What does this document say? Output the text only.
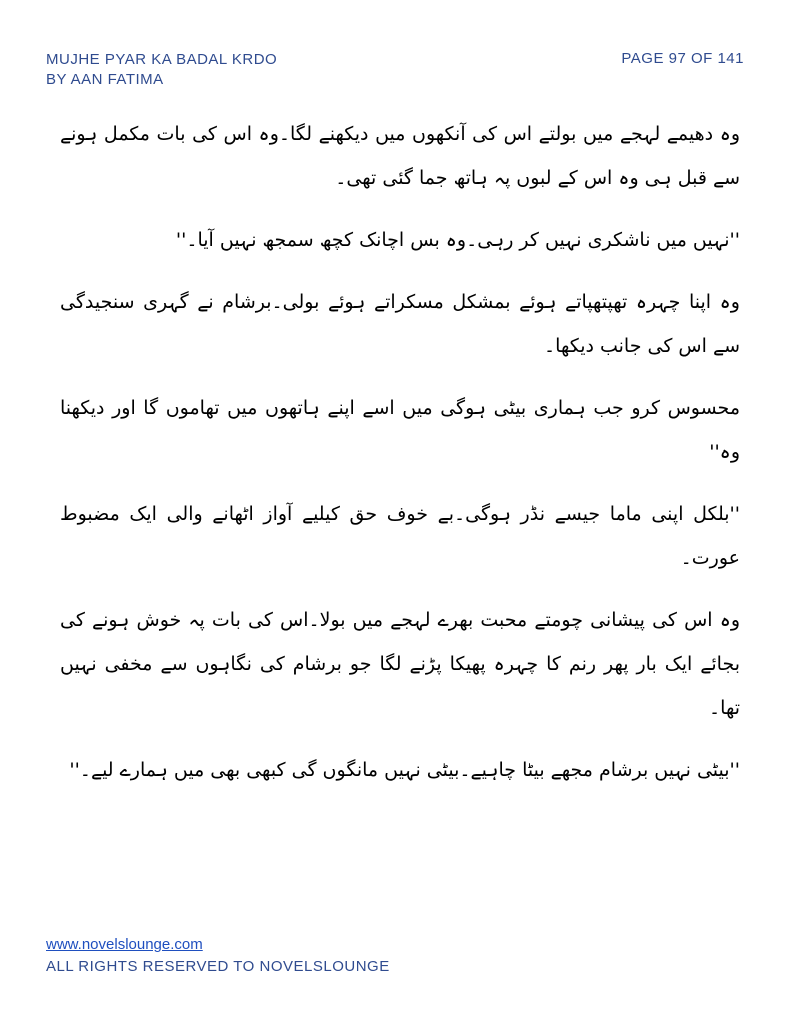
MUJHE PYAR KA BADAL KRDO
BY AAN FATIMA
PAGE 97 OF 141

وہ دھیمے لہجے میں بولتے اس کی آنکھوں میں دیکھنے لگا۔وہ اس کی بات مکمل ہونے سے قبل ہی وہ اس کے لبوں پہ ہاتھ جما گئی تھی۔

''نہیں میں ناشکری نہیں کر رہی۔وہ بس اچانک کچھ سمجھ نہیں آیا۔''

وہ اپنا چہرہ تھپتھپاتے ہوئے بمشکل مسکراتے ہوئے بولی۔برشام نے گہری سنجیدگی سے اس کی جانب دیکھا۔

محسوس کرو جب ہماری بیٹی ہوگی میں اسے اپنے ہاتھوں میں تھاموں گا اور دیکھنا وہ''

''بلکل اپنی ماما جیسے نڈر ہوگی۔بے خوف حق کیلیے آواز اٹھانے والی ایک مضبوط عورت۔

وہ اس کی پیشانی چومتے محبت بھرے لہجے میں بولا۔اس کی بات پہ خوش ہونے کی بجائے ایک بار پھر رنم کا چہرہ پھیکا پڑنے لگا جو برشام کی نگاہوں سے مخفی نہیں تھا۔

''بیٹی نہیں برشام مجھے بیٹا چاہیے۔بیٹی نہیں مانگوں گی کبھی بھی میں ہمارے لیے۔''

www.novelslounge.com
ALL RIGHTS RESERVED TO NOVELSLOUNGE
